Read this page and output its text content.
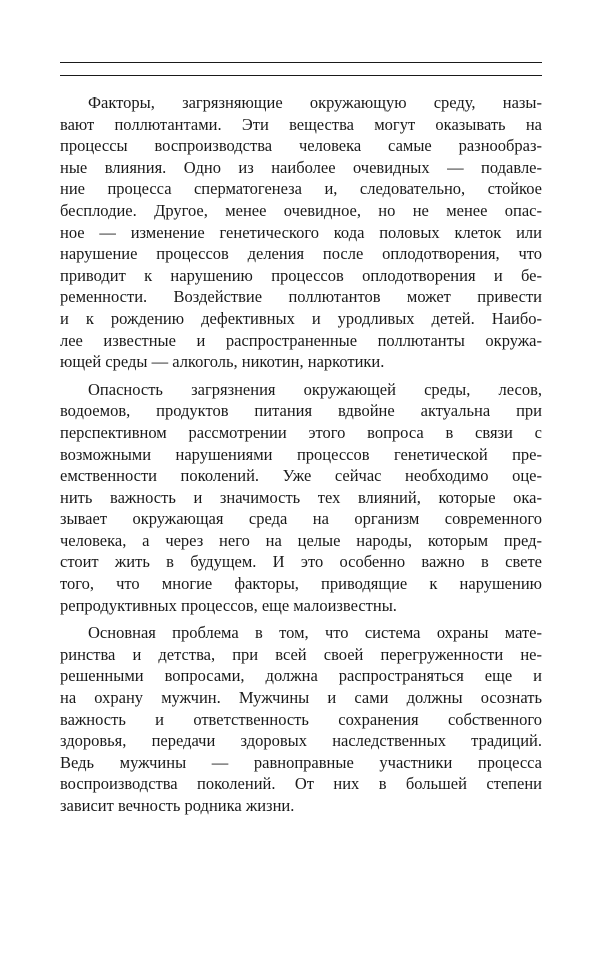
Факторы, загрязняющие окружающую среду, назы-
вают поллютантами. Эти вещества могут оказывать на
процессы воспроизводства человека самые разнообраз-
ные влияния. Одно из наиболее очевидных — подавле-
ние процесса сперматогенеза и, следовательно, стойкое
бесплодие. Другое, менее очевидное, но не менее опас-
ное — изменение генетического кода половых клеток или
нарушение процессов деления после оплодотворения, что
приводит к нарушению процессов оплодотворения и бе-
ременности. Воздействие поллютантов может привести
и к рождению дефективных и уродливых детей. Наибо-
лее известные и распространенные поллютанты окружа-
ющей среды — алкоголь, никотин, наркотики.

Опасность загрязнения окружающей среды, лесов,
водоемов, продуктов питания вдвойне актуальна при
перспективном рассмотрении этого вопроса в связи с
возможными нарушениями процессов генетической пре-
емственности поколений. Уже сейчас необходимо оце-
нить важность и значимость тех влияний, которые ока-
зывает окружающая среда на организм современного
человека, а через него на целые народы, которым пред-
стоит жить в будущем. И это особенно важно в свете
того, что многие факторы, приводящие к нарушению
репродуктивных процессов, еще малоизвестны.

Основная проблема в том, что система охраны мате-
ринства и детства, при всей своей перегруженности не-
решенными вопросами, должна распространяться еще и
на охрану мужчин. Мужчины и сами должны осознать
важность и ответственность сохранения собственного
здоровья, передачи здоровых наследственных традиций.
Ведь мужчины — равноправные участники процесса
воспроизводства поколений. От них в большей степени
зависит вечность родника жизни.
